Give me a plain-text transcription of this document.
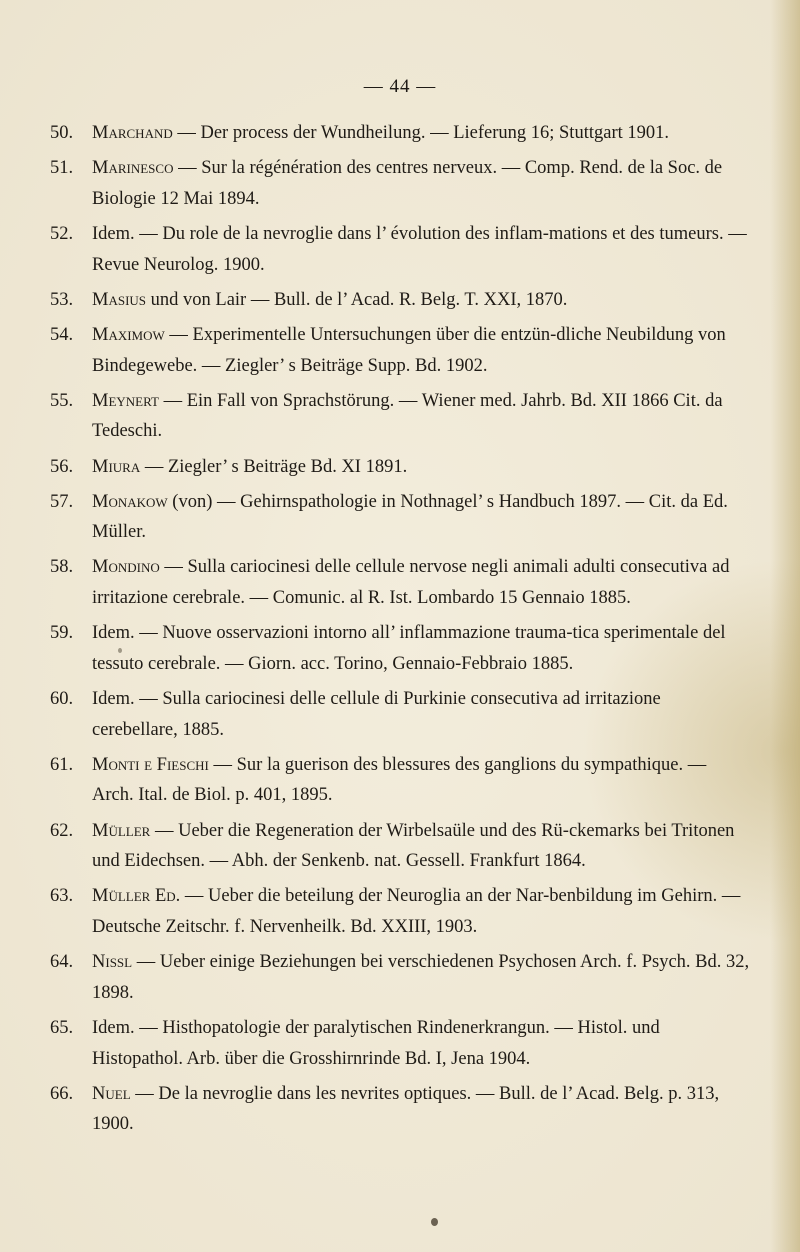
— 44 —
50. Marchand — Der process der Wundheilung. — Lieferung 16; Stuttgart 1901.
51. Marinesco — Sur la régénération des centres nerveux. — Comp. Rend. de la Soc. de Biologie 12 Mai 1894.
52. Idem. — Du role de la nevroglie dans l’ évolution des inflam-mations et des tumeurs. — Revue Neurolog. 1900.
53. Masius und von Lair — Bull. de l’ Acad. R. Belg. T. XXI, 1870.
54. Maximow — Experimentelle Untersuchungen über die entzün-dliche Neubildung von Bindegewebe. — Ziegler’ s Beiträge Supp. Bd. 1902.
55. Meynert — Ein Fall von Sprachstörung. — Wiener med. Jahrb. Bd. XII 1866 Cit. da Tedeschi.
56. Miura — Ziegler’ s Beiträge Bd. XI 1891.
57. Monakow (von) — Gehirnspathologie in Nothnagel’ s Handbuch 1897. — Cit. da Ed. Müller.
58. Mondino — Sulla cariocinesi delle cellule nervose negli animali adulti consecutiva ad irritazione cerebrale. — Comunic. al R. Ist. Lombardo 15 Gennaio 1885.
59. Idem. — Nuove osservazioni intorno all’ inflammazione trauma-tica sperimentale del tessuto cerebrale. — Giorn. acc. Torino, Gennaio-Febbraio 1885.
60. Idem. — Sulla cariocinesi delle cellule di Purkinie consecutiva ad irritazione cerebellare, 1885.
61. Monti e Fieschi — Sur la guerison des blessures des ganglions du sympathique. — Arch. Ital. de Biol. p. 401, 1895.
62. Müller — Ueber die Regeneration der Wirbelsaüle und des Rü-ckemarks bei Tritonen und Eidechsen. — Abh. der Senkenb. nat. Gessell. Frankfurt 1864.
63. Müller Ed. — Ueber die beteilung der Neuroglia an der Nar-benbildung im Gehirn. — Deutsche Zeitschr. f. Nervenheilk. Bd. XXIII, 1903.
64. Nissl — Ueber einige Beziehungen bei verschiedenen Psychosen Arch. f. Psych. Bd. 32, 1898.
65. Idem. — Histhopatologie der paralytischen Rindenerkrangun. — Histol. und Histopathol. Arb. über die Grosshirnrinde Bd. I, Jena 1904.
66. Nuel — De la nevroglie dans les nevrites optiques. — Bull. de l’ Acad. Belg. p. 313, 1900.
